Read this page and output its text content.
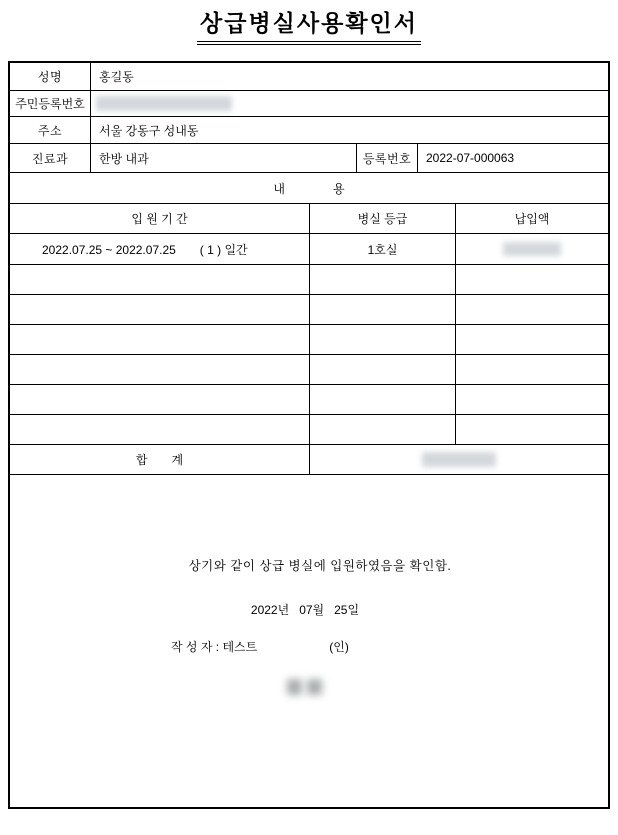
상급병실사용확인서
성명	홍길동
주민등록번호
주소	서울 강동구 성내동
진료과	한방 내과	등록번호	2022-07-000063
내　　　　용
입 원 기 간	병실 등급	납입액
2022.07.25 ~ 2022.07.25　　( 1 ) 일간	1호실
합　　계
상기와 같이 상급 병실에 입원하였음을 확인함.
2022년   07월   25일
작 성 자 : 테스트	(인)
